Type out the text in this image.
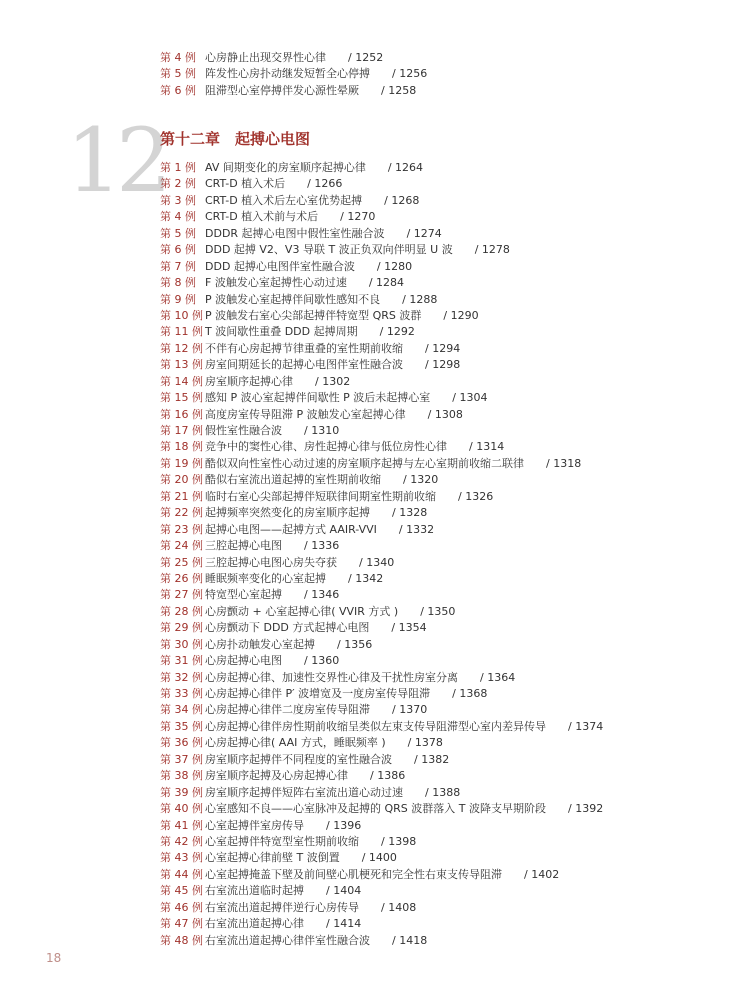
第 4 例 心房静止出现交界性心律 / 1252
第 5 例 阵发性心房扑动继发短暂全心停搏 / 1256
第 6 例 阻滞型心室停搏伴发心源性晕厥 / 1258
12
第十二章　起搏心电图
第 1 例 AV 间期变化的房室顺序起搏心律 / 1264
第 2 例 CRT-D 植入术后 / 1266
第 3 例 CRT-D 植入术后左心室优势起搏 / 1268
第 4 例 CRT-D 植入术前与术后 / 1270
第 5 例 DDDR 起搏心电图中假性室性融合波 / 1274
第 6 例 DDD 起搏 V2、V3 导联 T 波正负双向伴明显 U 波 / 1278
第 7 例 DDD 起搏心电图伴室性融合波 / 1280
第 8 例 F 波触发心室起搏性心动过速 / 1284
第 9 例 P 波触发心室起搏伴间歇性感知不良 / 1288
第 10 例 P 波触发右室心尖部起搏伴特宽型 QRS 波群 / 1290
第 11 例 T 波间歇性重叠 DDD 起搏周期 / 1292
第 12 例 不伴有心房起搏节律重叠的室性期前收缩 / 1294
第 13 例 房室间期延长的起搏心电图伴室性融合波 / 1298
第 14 例 房室顺序起搏心律 / 1302
第 15 例 感知 P 波心室起搏伴间歇性 P 波后未起搏心室 / 1304
第 16 例 高度房室传导阻滞 P 波触发心室起搏心律 / 1308
第 17 例 假性室性融合波 / 1310
第 18 例 竞争中的窦性心律、房性起搏心律与低位房性心律 / 1314
第 19 例 酷似双向性室性心动过速的房室顺序起搏与左心室期前收缩二联律 / 1318
第 20 例 酷似右室流出道起搏的室性期前收缩 / 1320
第 21 例 临时右室心尖部起搏伴短联律间期室性期前收缩 / 1326
第 22 例 起搏频率突然变化的房室顺序起搏 / 1328
第 23 例 起搏心电图——起搏方式 AAIR-VVI / 1332
第 24 例 三腔起搏心电图 / 1336
第 25 例 三腔起搏心电图心房失夺获 / 1340
第 26 例 睡眠频率变化的心室起搏 / 1342
第 27 例 特宽型心室起搏 / 1346
第 28 例 心房颤动 + 心室起搏心律( VVIR 方式 ) / 1350
第 29 例 心房颤动下 DDD 方式起搏心电图 / 1354
第 30 例 心房扑动触发心室起搏 / 1356
第 31 例 心房起搏心电图 / 1360
第 32 例 心房起搏心律、加速性交界性心律及干扰性房室分离 / 1364
第 33 例 心房起搏心律伴 P′ 波增宽及一度房室传导阻滞 / 1368
第 34 例 心房起搏心律伴二度房室传导阻滞 / 1370
第 35 例 心房起搏心律伴房性期前收缩呈类似左束支传导阻滞型心室内差异传导 / 1374
第 36 例 心房起搏心律( AAI 方式，睡眠频率 ) / 1378
第 37 例 房室顺序起搏伴不同程度的室性融合波 / 1382
第 38 例 房室顺序起搏及心房起搏心律 / 1386
第 39 例 房室顺序起搏伴短阵右室流出道心动过速 / 1388
第 40 例 心室感知不良——心室脉冲及起搏的 QRS 波群落入 T 波降支早期阶段 / 1392
第 41 例 心室起搏伴室房传导 / 1396
第 42 例 心室起搏伴特宽型室性期前收缩 / 1398
第 43 例 心室起搏心律前壁 T 波倒置 / 1400
第 44 例 心室起搏掩盖下壁及前间壁心肌梗死和完全性右束支传导阻滞 / 1402
第 45 例 右室流出道临时起搏 / 1404
第 46 例 右室流出道起搏伴逆行心房传导 / 1408
第 47 例 右室流出道起搏心律 / 1414
第 48 例 右室流出道起搏心律伴室性融合波 / 1418
18
